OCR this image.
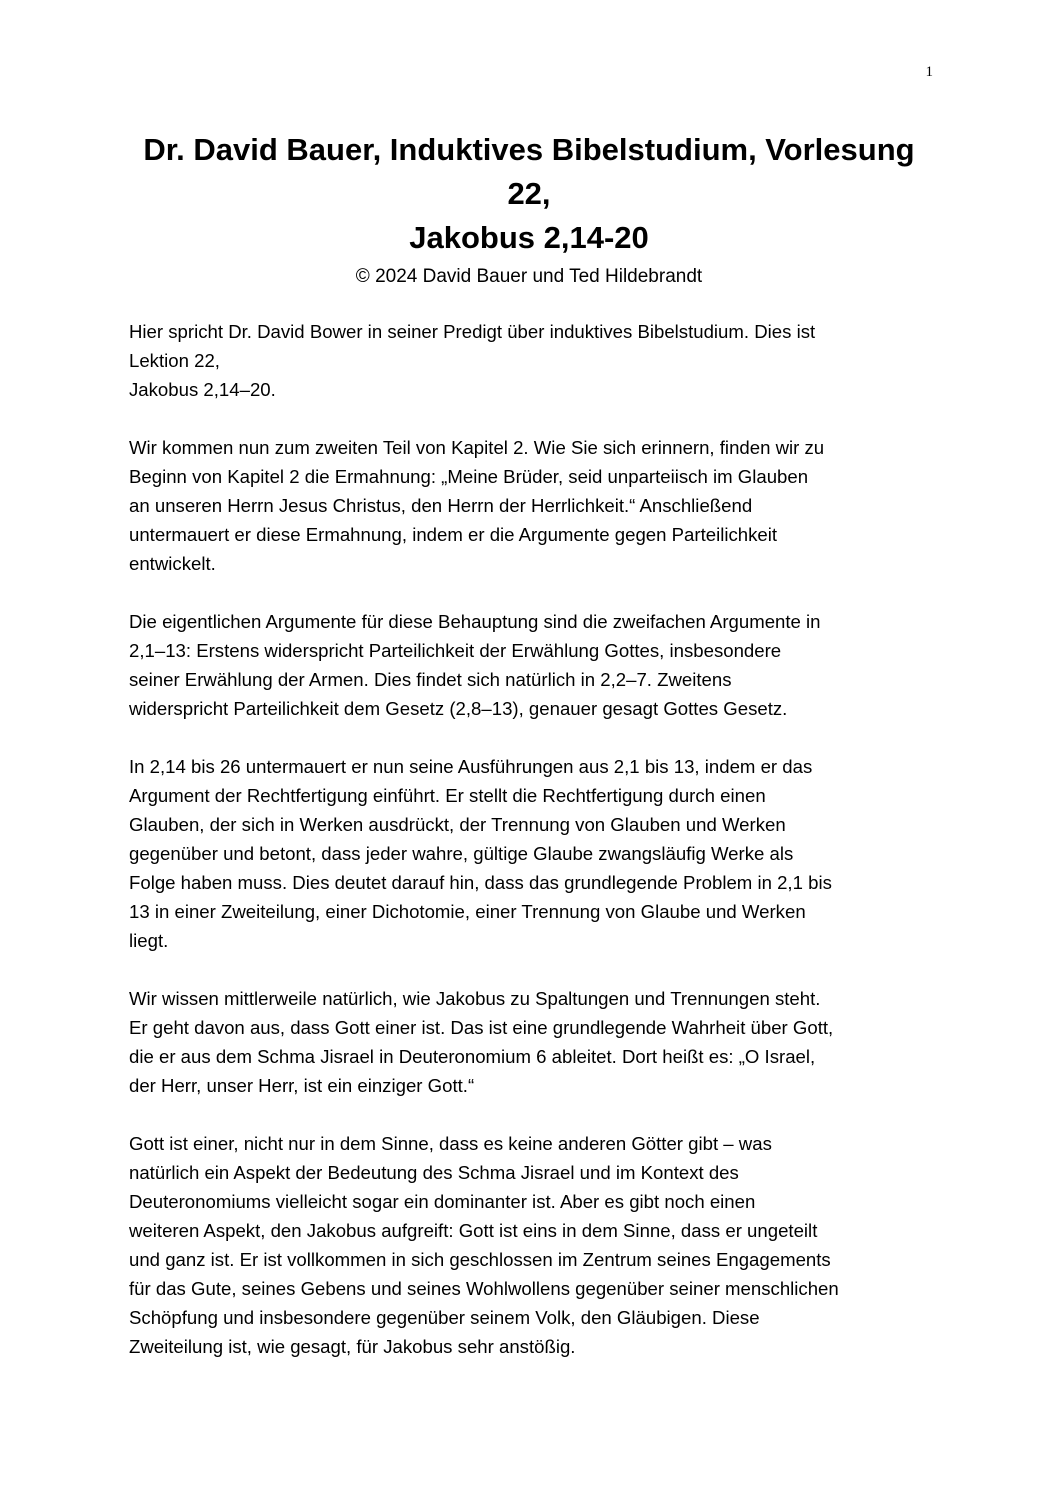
1
Dr. David Bauer, Induktives Bibelstudium, Vorlesung
22,
Jakobus 2,14-20
© 2024 David Bauer und Ted Hildebrandt

Hier spricht Dr. David Bower in seiner Predigt über induktives Bibelstudium. Dies ist
Lektion 22,
Jakobus 2,14–20.

Wir kommen nun zum zweiten Teil von Kapitel 2. Wie Sie sich erinnern, finden wir zu
Beginn von Kapitel 2 die Ermahnung: „Meine Brüder, seid unparteiisch im Glauben
an unseren Herrn Jesus Christus, den Herrn der Herrlichkeit.“ Anschließend
untermauert er diese Ermahnung, indem er die Argumente gegen Parteilichkeit
entwickelt.

Die eigentlichen Argumente für diese Behauptung sind die zweifachen Argumente in
2,1–13: Erstens widerspricht Parteilichkeit der Erwählung Gottes, insbesondere
seiner Erwählung der Armen. Dies findet sich natürlich in 2,2–7. Zweitens
widerspricht Parteilichkeit dem Gesetz (2,8–13), genauer gesagt Gottes Gesetz.

In 2,14 bis 26 untermauert er nun seine Ausführungen aus 2,1 bis 13, indem er das
Argument der Rechtfertigung einführt. Er stellt die Rechtfertigung durch einen
Glauben, der sich in Werken ausdrückt, der Trennung von Glauben und Werken
gegenüber und betont, dass jeder wahre, gültige Glaube zwangsläufig Werke als
Folge haben muss. Dies deutet darauf hin, dass das grundlegende Problem in 2,1 bis
13 in einer Zweiteilung, einer Dichotomie, einer Trennung von Glaube und Werken
liegt.

Wir wissen mittlerweile natürlich, wie Jakobus zu Spaltungen und Trennungen steht.
Er geht davon aus, dass Gott einer ist. Das ist eine grundlegende Wahrheit über Gott,
die er aus dem Schma Jisrael in Deuteronomium 6 ableitet. Dort heißt es: „O Israel,
der Herr, unser Herr, ist ein einziger Gott.“

Gott ist einer, nicht nur in dem Sinne, dass es keine anderen Götter gibt – was
natürlich ein Aspekt der Bedeutung des Schma Jisrael und im Kontext des
Deuteronomiums vielleicht sogar ein dominanter ist. Aber es gibt noch einen
weiteren Aspekt, den Jakobus aufgreift: Gott ist eins in dem Sinne, dass er ungeteilt
und ganz ist. Er ist vollkommen in sich geschlossen im Zentrum seines Engagements
für das Gute, seines Gebens und seines Wohlwollens gegenüber seiner menschlichen
Schöpfung und insbesondere gegenüber seinem Volk, den Gläubigen. Diese
Zweiteilung ist, wie gesagt, für Jakobus sehr anstößig.
